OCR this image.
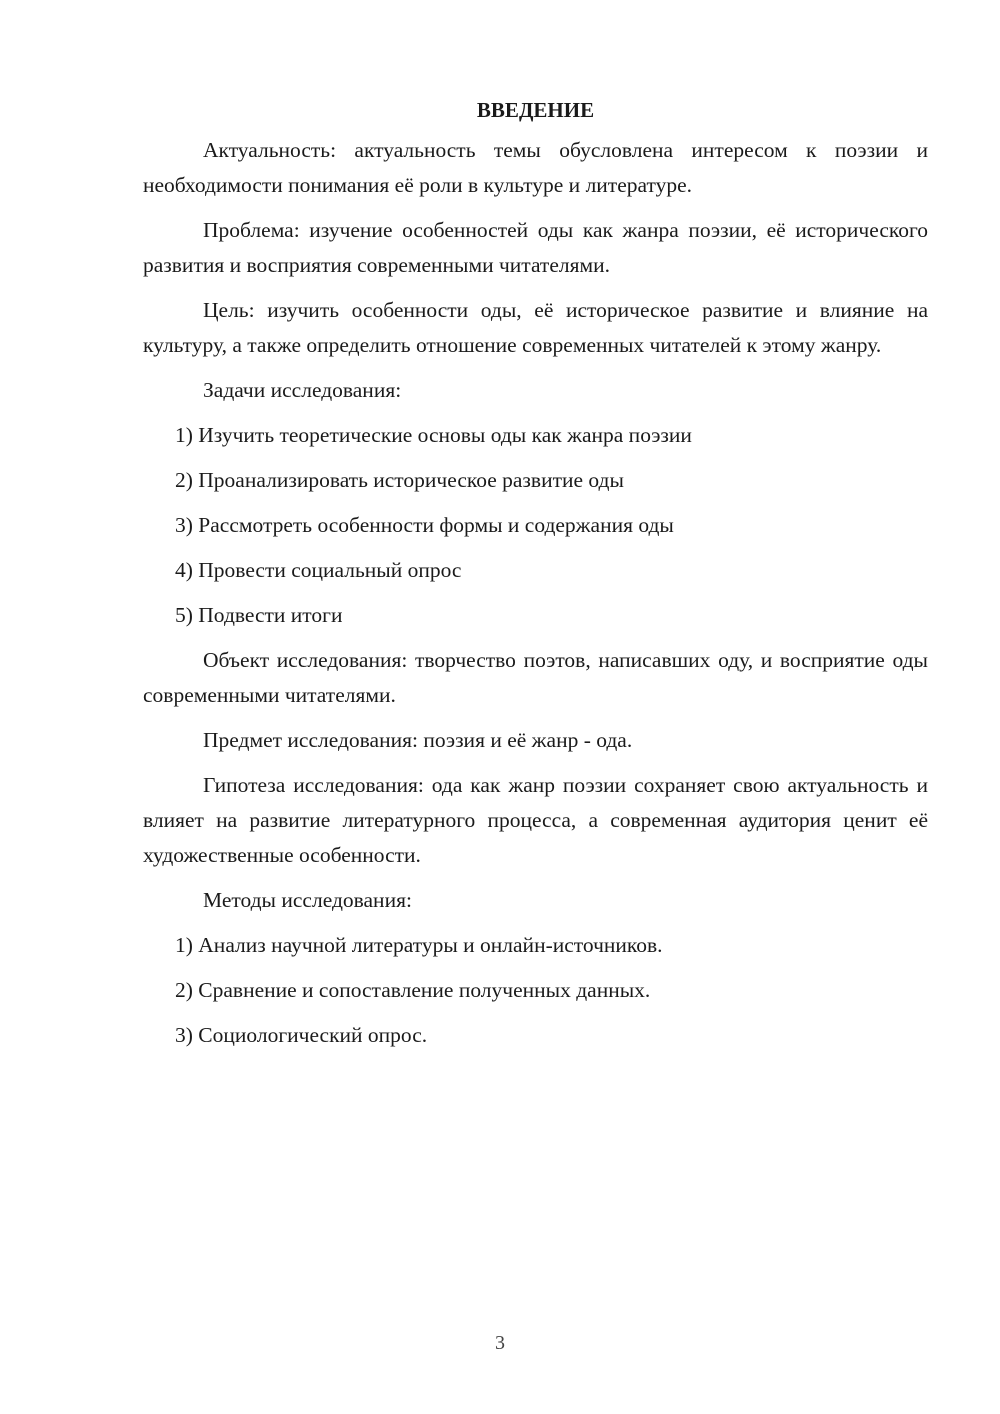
ВВЕДЕНИЕ

Актуальность: актуальность темы обусловлена интересом к поэзии и необходимости понимания её роли в культуре и литературе.

Проблема: изучение особенностей оды как жанра поэзии, её исторического развития и восприятия современными читателями.

Цель: изучить особенности оды, её историческое развитие и влияние на культуру, а также определить отношение современных читателей к этому жанру.

Задачи исследования:

1) Изучить теоретические основы оды как жанра поэзии

2) Проанализировать историческое развитие оды

3) Рассмотреть особенности формы и содержания оды

4) Провести социальный опрос

5) Подвести итоги

Объект исследования: творчество поэтов, написавших оду, и восприятие оды современными читателями.

Предмет исследования: поэзия и её жанр - ода.

Гипотеза исследования: ода как жанр поэзии сохраняет свою актуальность и влияет на развитие литературного процесса, а современная аудитория ценит её художественные особенности.

Методы исследования:

1) Анализ научной литературы и онлайн-источников.

2) Сравнение и сопоставление полученных данных.

3) Социологический опрос.

3
